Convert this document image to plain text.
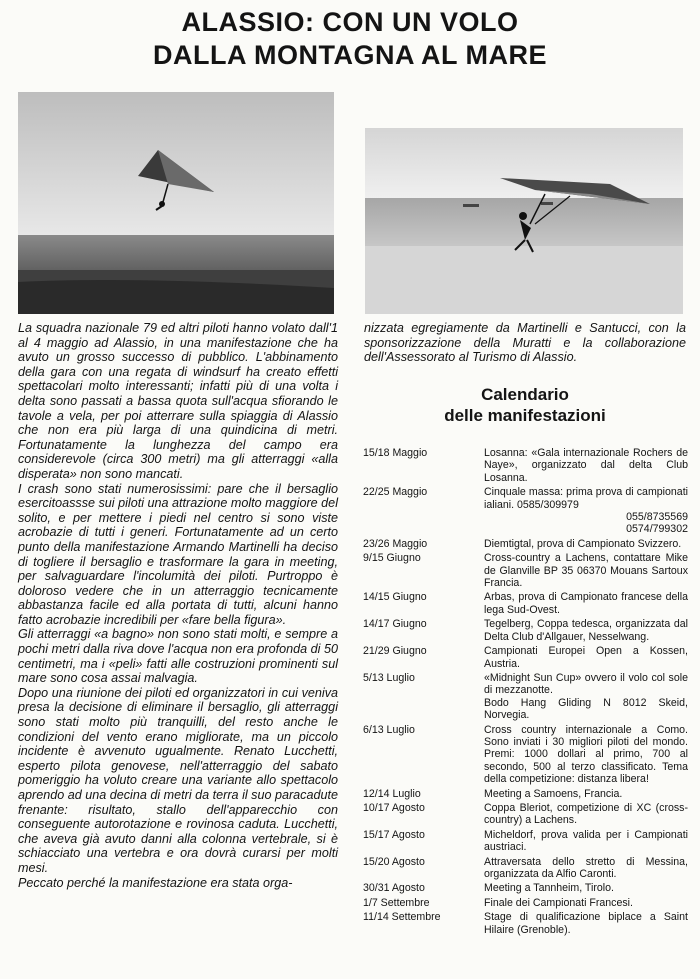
ALASSIO: CON UN VOLO
DALLA MONTAGNA AL MARE

La squadra nazionale 79 ed altri piloti hanno volato dall'1 al 4 maggio ad Alassio, in una manifestazione che ha avuto un grosso successo di pubblico. L'abbinamento della gara con una regata di windsurf ha creato effetti spettacolari molto interessanti; infatti più di una volta i delta sono passati a bassa quota sull'acqua sfiorando le tavole a vela, per poi atterrare sulla spiaggia di Alassio che non era più larga di una quindicina di metri. Fortunatamente la lunghezza del campo era considerevole (circa 300 metri) ma gli atterraggi «alla disperata» non sono mancati.

I crash sono stati numerosissimi: pare che il bersaglio esercitoassse sui piloti una attrazione molto maggiore del solito, e per mettere i piedi nel centro si sono viste acrobazie di tutti i generi. Fortunatamente ad un certo punto della manifestazione Armando Martinelli ha deciso di togliere il bersaglio e trasformare la gara in meeting, per salvaguardare l'incolumità dei piloti. Purtroppo è doloroso vedere che in un atterraggio tecnicamente abbastanza facile ed alla portata di tutti, alcuni hanno fatto acrobazie incredibili per «fare bella figura».

Gli atterraggi «a bagno» non sono stati molti, e sempre a pochi metri dalla riva dove l'acqua non era profonda di 50 centimetri, ma i «peli» fatti alle costruzioni prominenti sul mare sono cosa assai malvagia.

Dopo una riunione dei piloti ed organizzatori in cui veniva presa la decisione di eliminare il bersaglio, gli atterraggi sono stati molto più tranquilli, del resto anche le condizioni del vento erano migliorate, ma un piccolo incidente è avvenuto ugualmente. Renato Lucchetti, esperto pilota genovese, nell'atterraggio del sabato pomeriggio ha voluto creare una variante allo spettacolo aprendo ad una decina di metri da terra il suo paracadute frenante: risultato, stallo dell'apparecchio con conseguente autorotazione e rovinosa caduta. Lucchetti, che aveva già avuto danni alla colonna vertebrale, si è schiacciato una vertebra e ora dovrà curarsi per molti mesi.

Peccato perché la manifestazione era stata orga-

nizzata egregiamente da Martinelli e Santucci, con la sponsorizzazione della Muratti e la collaborazione dell'Assessorato al Turismo di Alassio.

Calendario
delle manifestazioni
15/18 Maggio	Losanna: «Gala internazionale Rochers de Naye», organizzato dal delta Club Losanna.
22/25 Maggio	Cinquale massa: prima prova di campionati ialiani. 0585/309979
055/8735569
0574/799302
23/26 Maggio	Diemtigtal, prova di Campionato Svizzero.
9/15 Giugno	Cross-country a Lachens, contattare Mike de Glanville BP 35 06370 Mouans Sartoux Francia.
14/15 Giugno	Arbas, prova di Campionato francese della lega Sud-Ovest.
14/17 Giugno	Tegelberg, Coppa tedesca, organizzata dal Delta Club d'Allgauer, Nesselwang.
21/29 Giugno	Campionati Europei Open a Kossen, Austria.
5/13 Luglio	«Midnight Sun Cup» ovvero il volo col sole di mezzanotte.
Bodo Hang Gliding N 8012 Skeid, Norvegia.
6/13 Luglio	Cross country internazionale a Como. Sono inviati i 30 migliori piloti del mondo. Premi: 1000 dollari al primo, 700 al secondo, 500 al terzo classificato. Tema della competizione: distanza libera!
12/14 Luglio	Meeting a Samoens, Francia.
10/17 Agosto	Coppa Bleriot, competizione di XC (cross-country) a Lachens.
15/17 Agosto	Micheldorf, prova valida per i Campionati austriaci.
15/20 Agosto	Attraversata dello stretto di Messina, organizzata da Alfio Caronti.
30/31 Agosto	Meeting a Tannheim, Tirolo.
1/7 Settembre	Finale dei Campionati Francesi.
11/14 Settembre	Stage di qualificazione biplace a Saint Hilaire (Grenoble).
